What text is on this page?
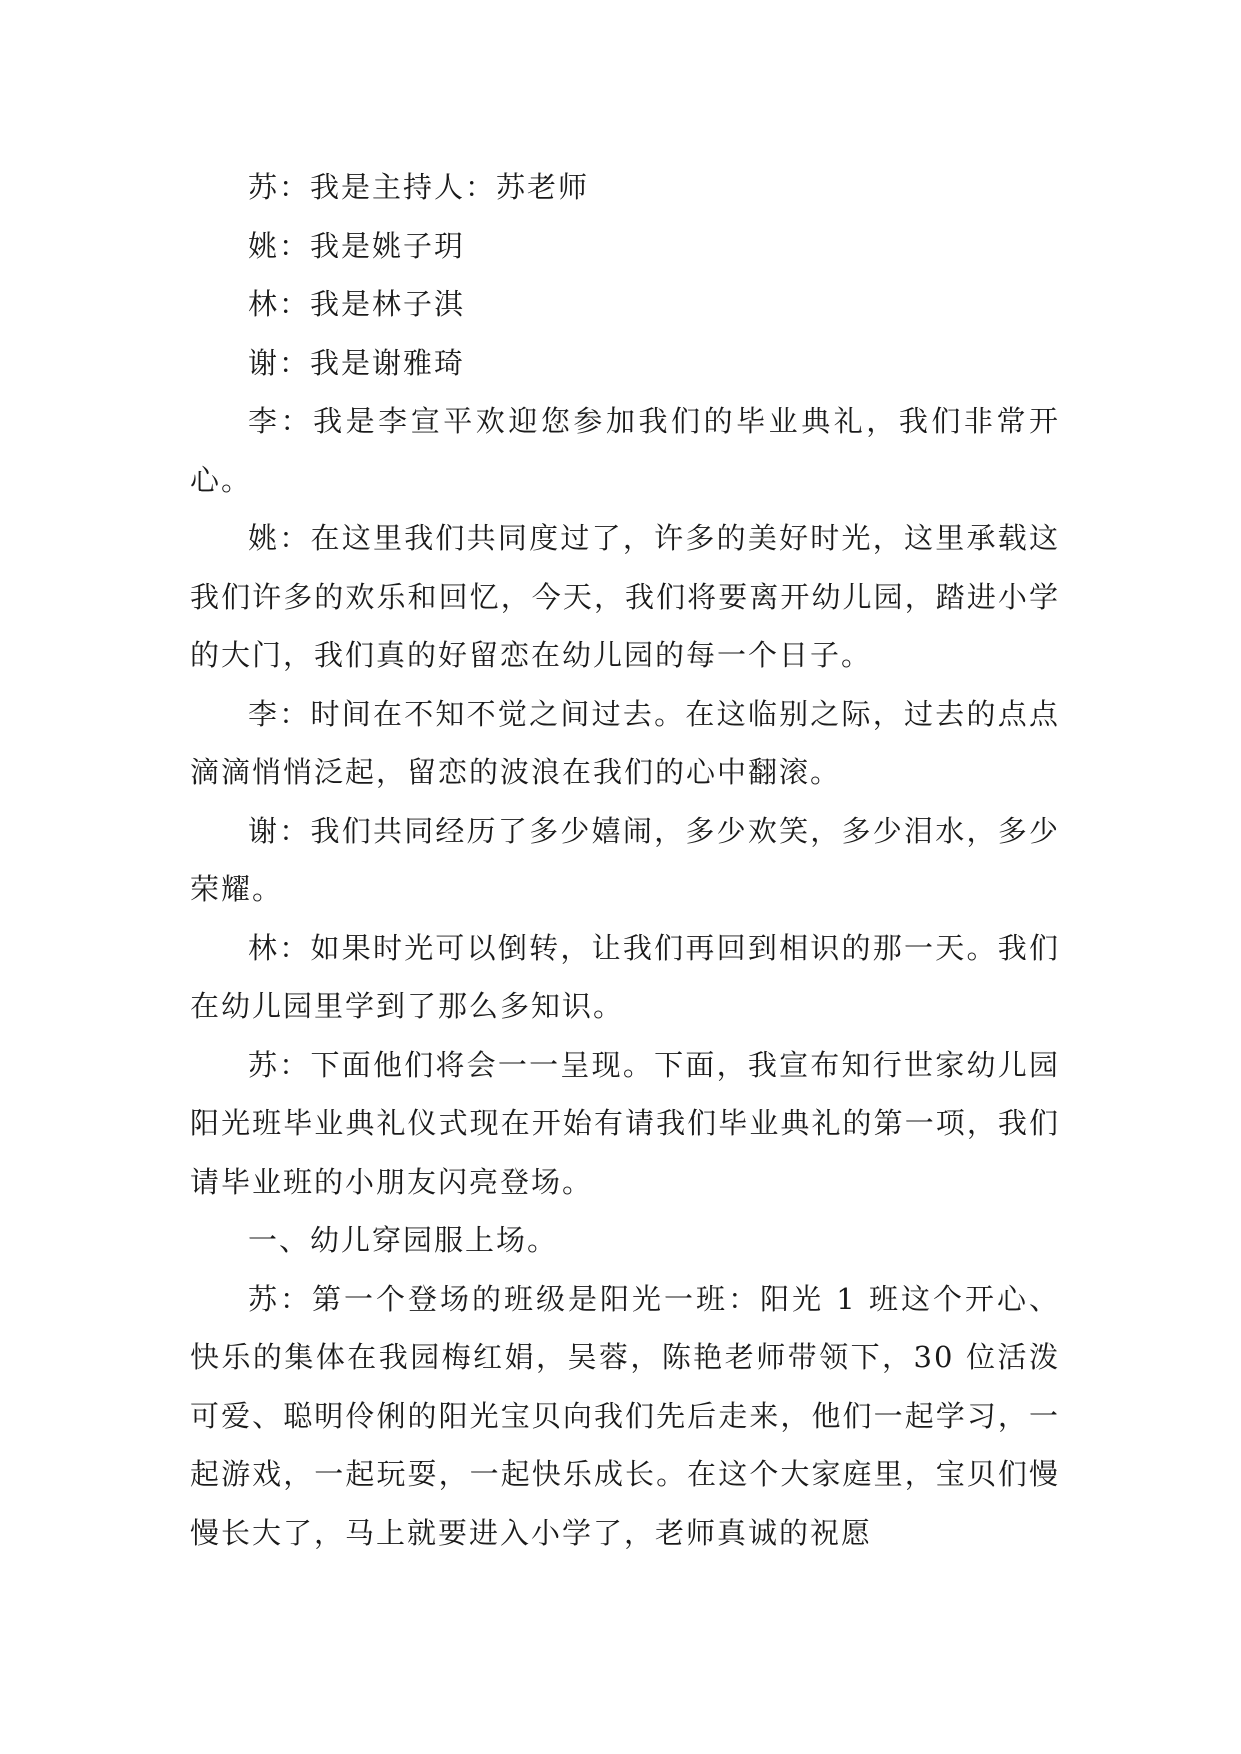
苏：我是主持人：苏老师

姚：我是姚子玥

林：我是林子淇

谢：我是谢雅琦

李：我是李宣平欢迎您参加我们的毕业典礼，我们非常开心。

姚：在这里我们共同度过了，许多的美好时光，这里承载这我们许多的欢乐和回忆，今天，我们将要离开幼儿园，踏进小学的大门，我们真的好留恋在幼儿园的每一个日子。

李：时间在不知不觉之间过去。在这临别之际，过去的点点滴滴悄悄泛起，留恋的波浪在我们的心中翻滚。

谢：我们共同经历了多少嬉闹，多少欢笑，多少泪水，多少荣耀。

林：如果时光可以倒转，让我们再回到相识的那一天。我们在幼儿园里学到了那么多知识。

苏：下面他们将会一一呈现。下面，我宣布知行世家幼儿园阳光班毕业典礼仪式现在开始有请我们毕业典礼的第一项，我们请毕业班的小朋友闪亮登场。

一、幼儿穿园服上场。

苏：第一个登场的班级是阳光一班：阳光 1 班这个开心、快乐的集体在我园梅红娟，吴蓉，陈艳老师带领下，30 位活泼可爱、聪明伶俐的阳光宝贝向我们先后走来，他们一起学习，一起游戏，一起玩耍，一起快乐成长。在这个大家庭里，宝贝们慢慢长大了，马上就要进入小学了，老师真诚的祝愿
